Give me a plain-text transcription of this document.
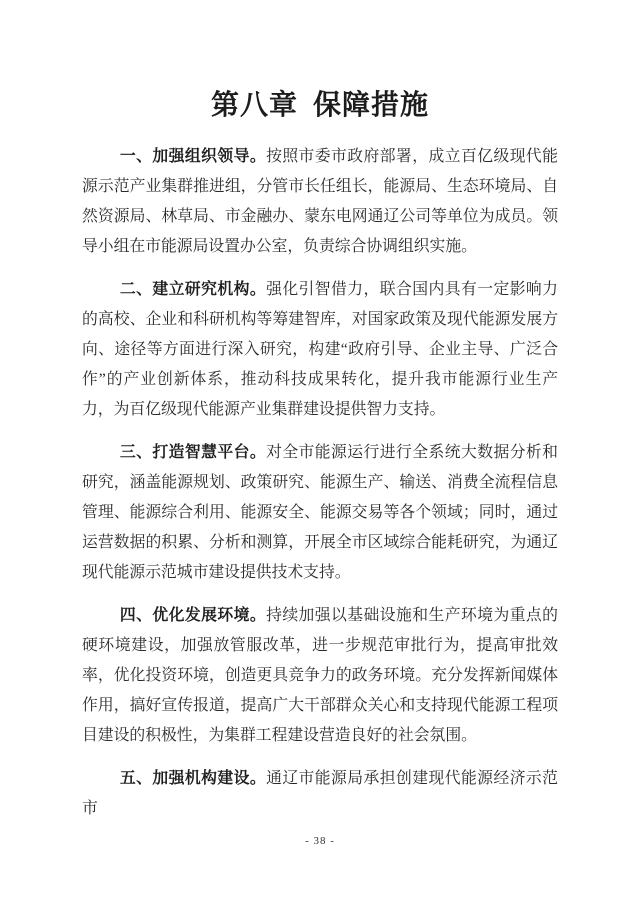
第八章 保障措施

一、加强组织领导。按照市委市政府部署，成立百亿级现代能源示范产业集群推进组，分管市长任组长，能源局、生态环境局、自然资源局、林草局、市金融办、蒙东电网通辽公司等单位为成员。领导小组在市能源局设置办公室，负责综合协调组织实施。

二、建立研究机构。强化引智借力，联合国内具有一定影响力的高校、企业和科研机构等筹建智库，对国家政策及现代能源发展方向、途径等方面进行深入研究，构建“政府引导、企业主导、广泛合作”的产业创新体系，推动科技成果转化，提升我市能源行业生产力，为百亿级现代能源产业集群建设提供智力支持。

三、打造智慧平台。对全市能源运行进行全系统大数据分析和研究，涵盖能源规划、政策研究、能源生产、输送、消费全流程信息管理、能源综合利用、能源安全、能源交易等各个领域；同时，通过运营数据的积累、分析和测算，开展全市区域综合能耗研究，为通辽现代能源示范城市建设提供技术支持。

四、优化发展环境。持续加强以基础设施和生产环境为重点的硬环境建设，加强放管服改革，进一步规范审批行为，提高审批效率，优化投资环境，创造更具竞争力的政务环境。充分发挥新闻媒体作用，搞好宣传报道，提高广大干部群众关心和支持现代能源工程项目建设的积极性，为集群工程建设营造良好的社会氛围。

五、加强机构建设。通辽市能源局承担创建现代能源经济示范市

- 38 -
